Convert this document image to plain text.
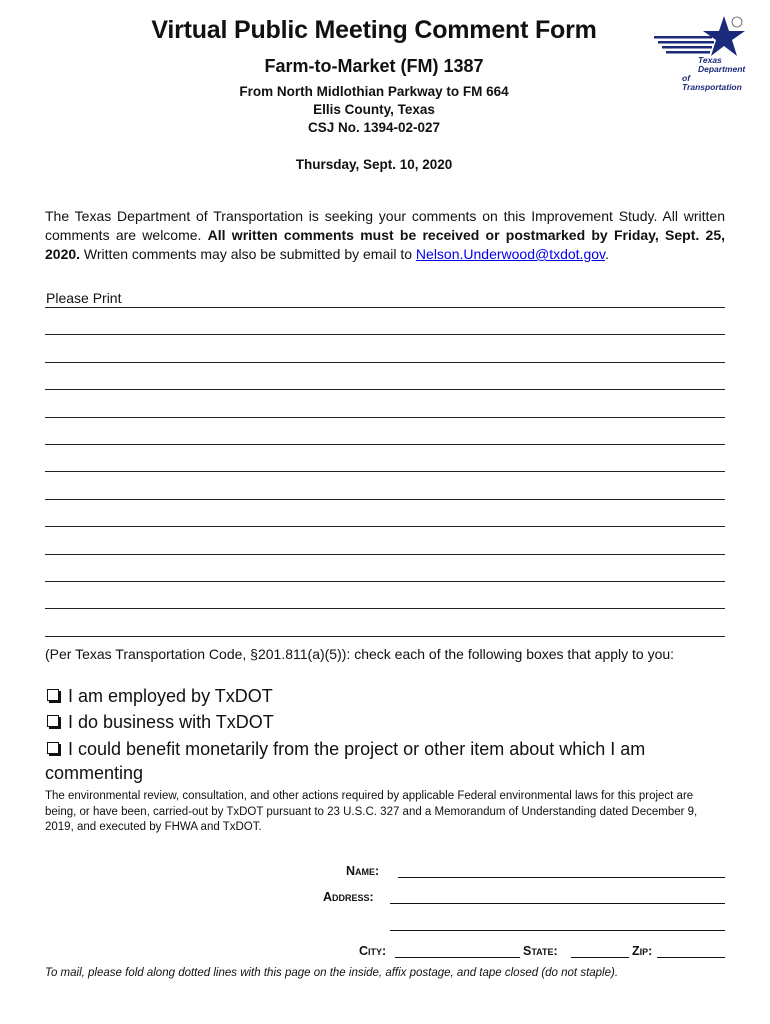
Virtual Public Meeting Comment Form
Farm-to-Market (FM) 1387
From North Midlothian Parkway to FM 664
Ellis County, Texas
CSJ No. 1394-02-027
Thursday, Sept. 10, 2020
Texas
Department
of Transportation
The Texas Department of Transportation is seeking your comments on this Improvement Study. All written comments are welcome. All written comments must be received or postmarked by Friday, Sept. 25, 2020. Written comments may also be submitted by email to Nelson.Underwood@txdot.gov.
Please Print
(Per Texas Transportation Code, §201.811(a)(5)): check each of the following boxes that apply to you:
I am employed by TxDOT
I do business with TxDOT
I could benefit monetarily from the project or other item about which I am commenting
The environmental review, consultation, and other actions required by applicable Federal environmental laws for this project are being, or have been, carried-out by TxDOT pursuant to 23 U.S.C. 327 and a Memorandum of Understanding dated December 9, 2019, and executed by FHWA and TxDOT.
Name:
Address:
City:	State:	Zip:
To mail, please fold along dotted lines with this page on the inside, affix postage, and tape closed (do not staple).
